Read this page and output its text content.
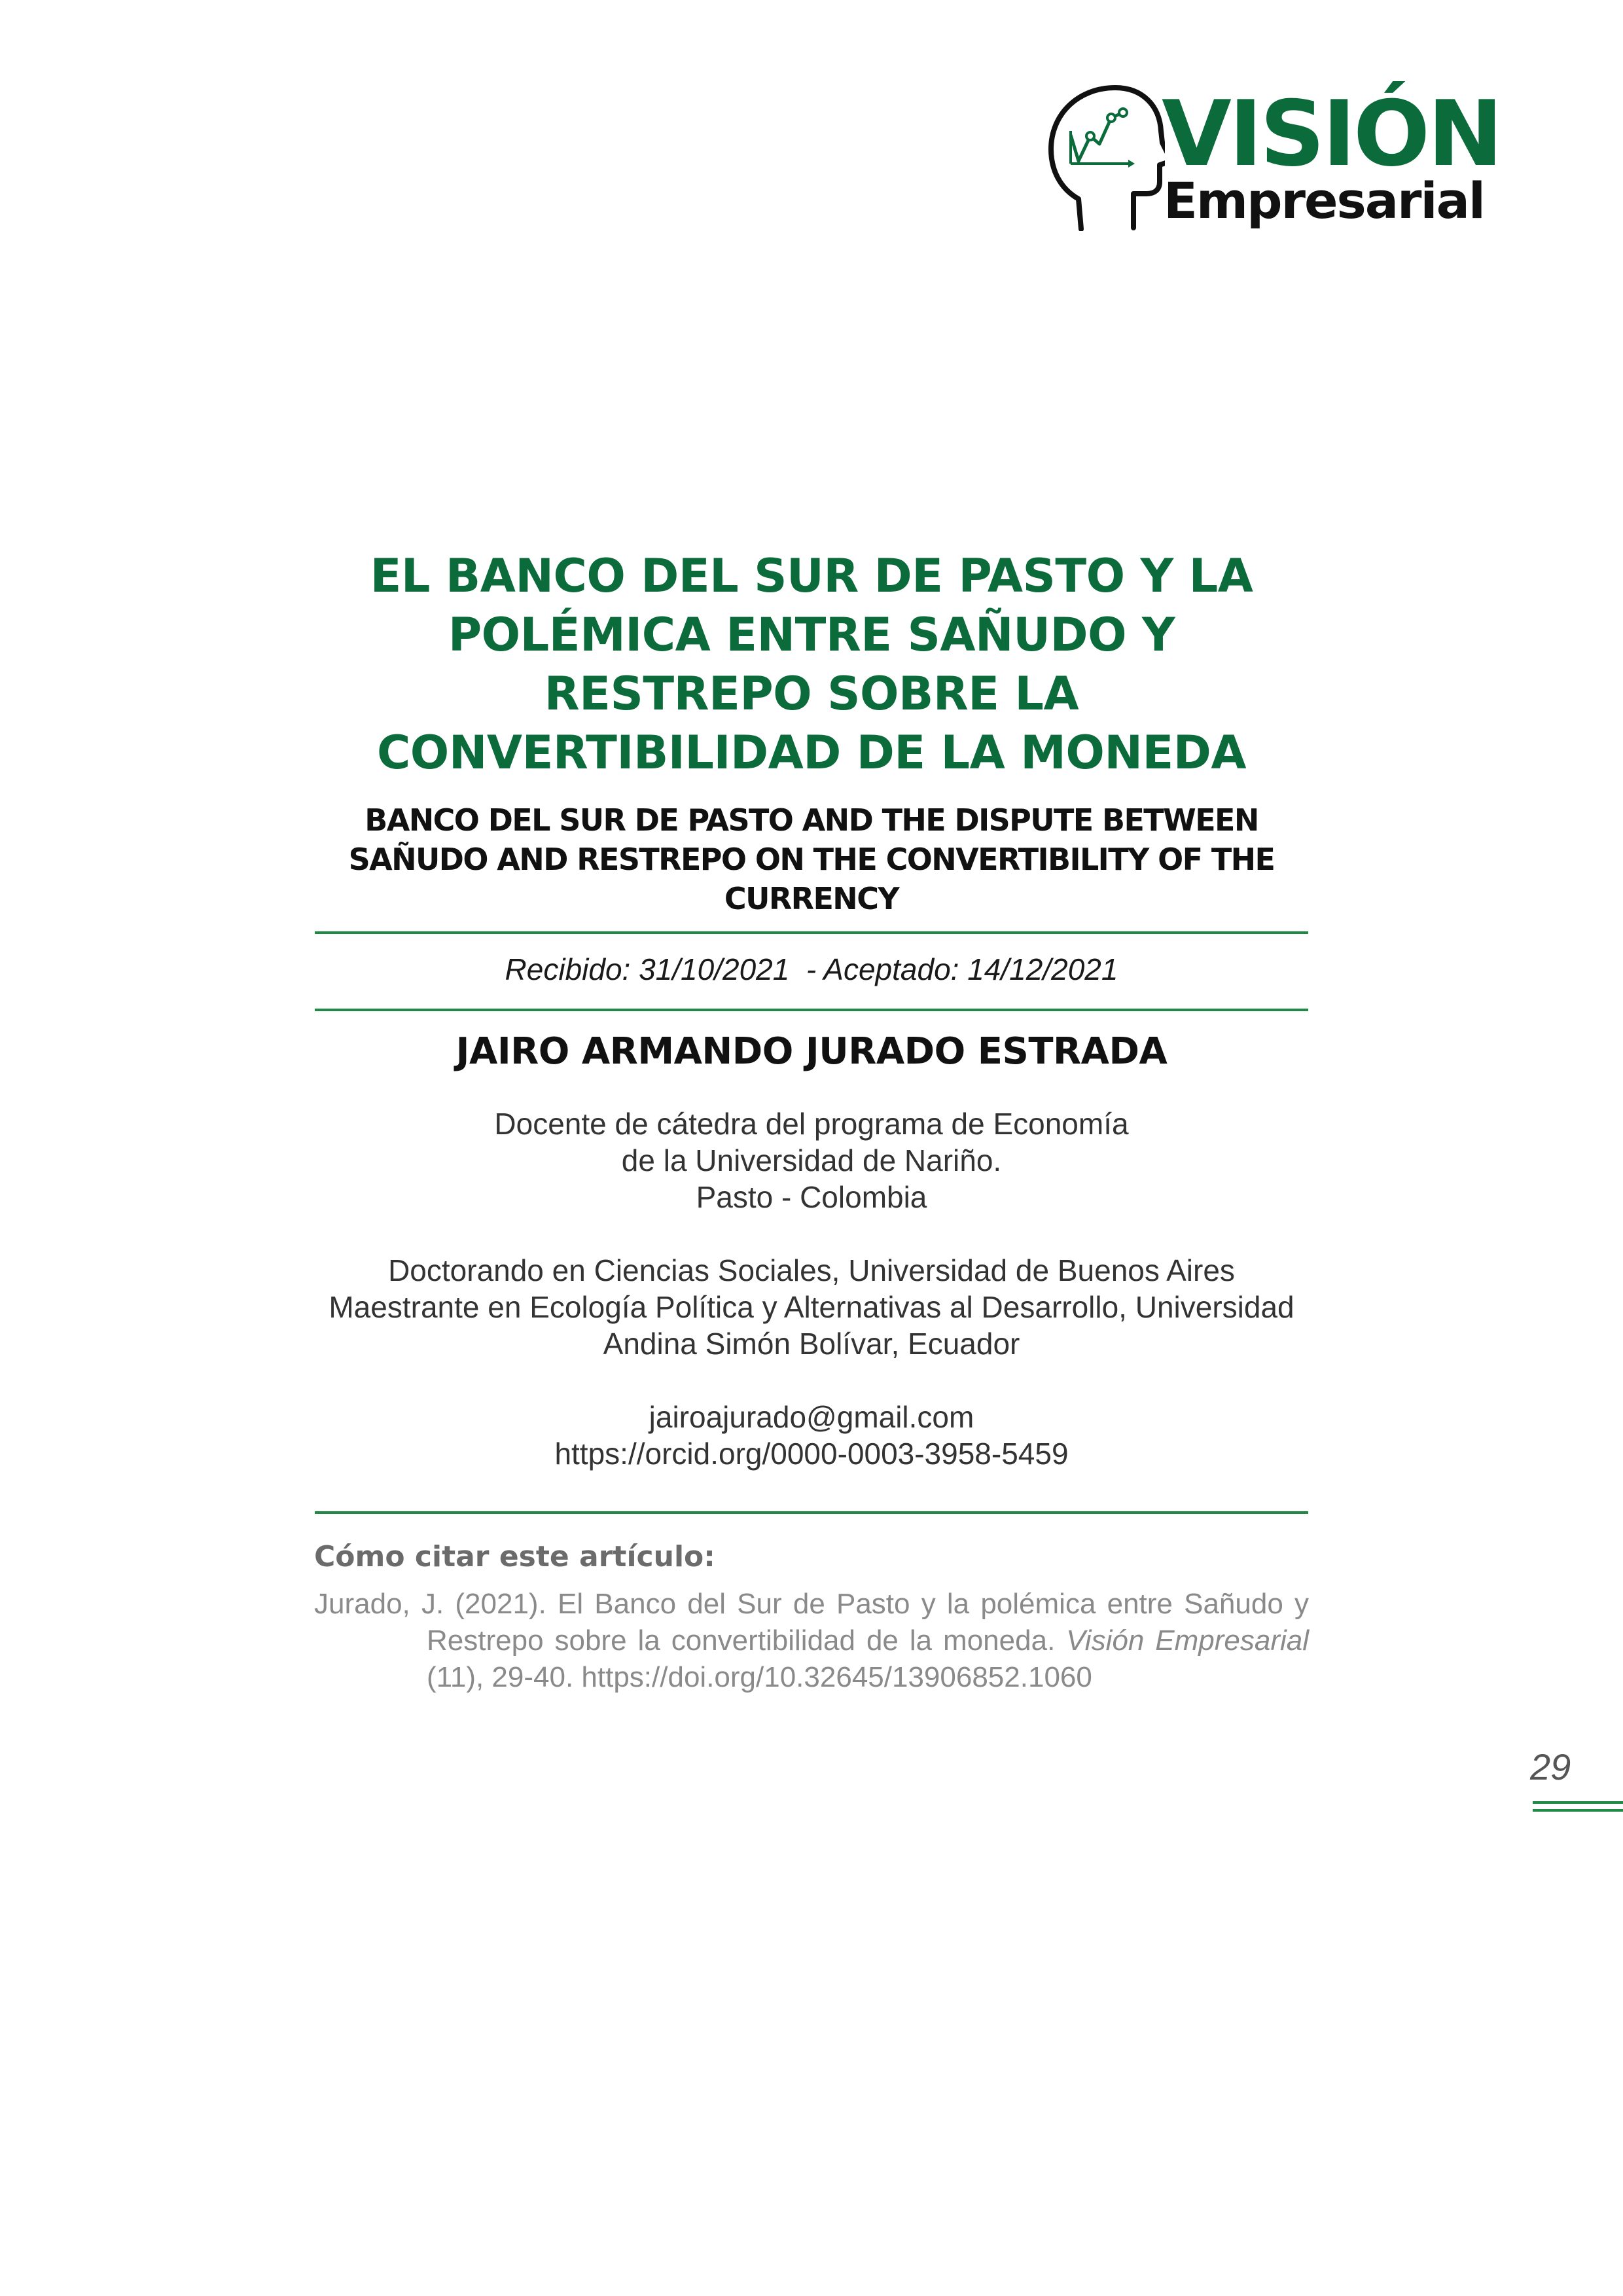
VISIÓN
Empresarial
EL BANCO DEL SUR DE PASTO Y LA POLÉMICA ENTRE SAÑUDO Y RESTREPO SOBRE LA CONVERTIBILIDAD DE LA MONEDA
BANCO DEL SUR DE PASTO AND THE DISPUTE BETWEEN SAÑUDO AND RESTREPO ON THE CONVERTIBILITY OF THE CURRENCY
Recibido: 31/10/2021  - Aceptado: 14/12/2021
JAIRO ARMANDO JURADO ESTRADA
Docente de cátedra del programa de Economía
de la Universidad de Nariño.
Pasto - Colombia
Doctorando en Ciencias Sociales, Universidad de Buenos Aires
Maestrante en Ecología Política y Alternativas al Desarrollo, Universidad
Andina Simón Bolívar, Ecuador
jairoajurado@gmail.com
https://orcid.org/0000-0003-3958-5459
Cómo citar este artículo:
Jurado, J. (2021). El Banco del Sur de Pasto y la polémica entre Sañudo y Restrepo sobre la convertibilidad de la moneda. Visión Empresarial (11), 29-40. https://doi.org/10.32645/13906852.1060
29
